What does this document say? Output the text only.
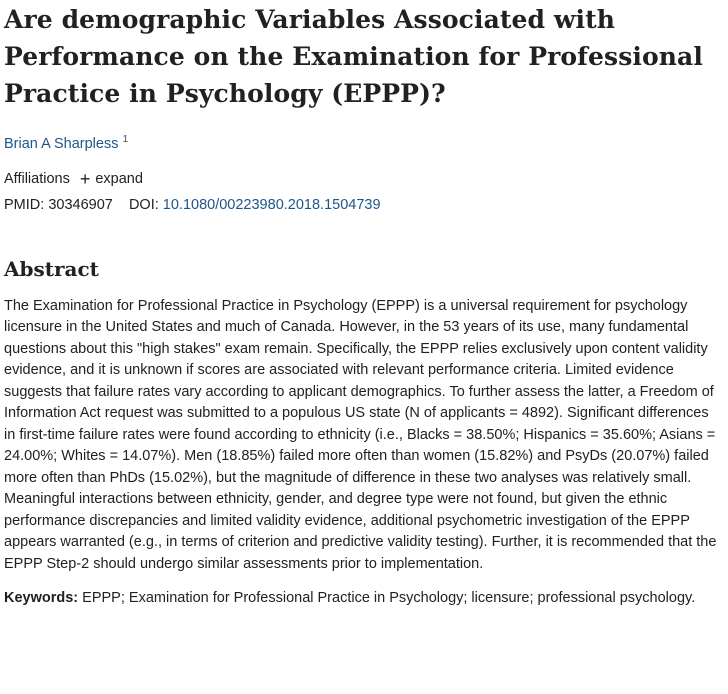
Are demographic Variables Associated with Performance on the Examination for Professional Practice in Psychology (EPPP)?
Brian A Sharpless $^1$
Affiliations + expand
PMID: 30346907 DOI: 10.1080/00223980.2018.1504739
Abstract

The Examination for Professional Practice in Psychology (EPPP) is a universal requirement for psychology licensure in the United States and much of Canada. However, in the 53 years of its use, many fundamental questions about this "high stakes" exam remain. Specifically, the EPPP relies exclusively upon content validity evidence, and it is unknown if scores are associated with relevant performance criteria. Limited evidence suggests that failure rates vary according to applicant demographics. To further assess the latter, a Freedom of Information Act request was submitted to a populous US state (N of applicants = 4892). Significant differences in first-time failure rates were found according to ethnicity (i.e., Blacks = 38.50%; Hispanics = 35.60%; Asians = 24.00%; Whites = 14.07%). Men (18.85%) failed more often than women (15.82%) and PsyDs (20.07%) failed more often than PhDs (15.02%), but the magnitude of difference in these two analyses was relatively small. Meaningful interactions between ethnicity, gender, and degree type were not found, but given the ethnic performance discrepancies and limited validity evidence, additional psychometric investigation of the EPPP appears warranted (e.g., in terms of criterion and predictive validity testing). Further, it is recommended that the EPPP Step-2 should undergo similar assessments prior to implementation.

Keywords: EPPP; Examination for Professional Practice in Psychology; licensure; professional psychology.
